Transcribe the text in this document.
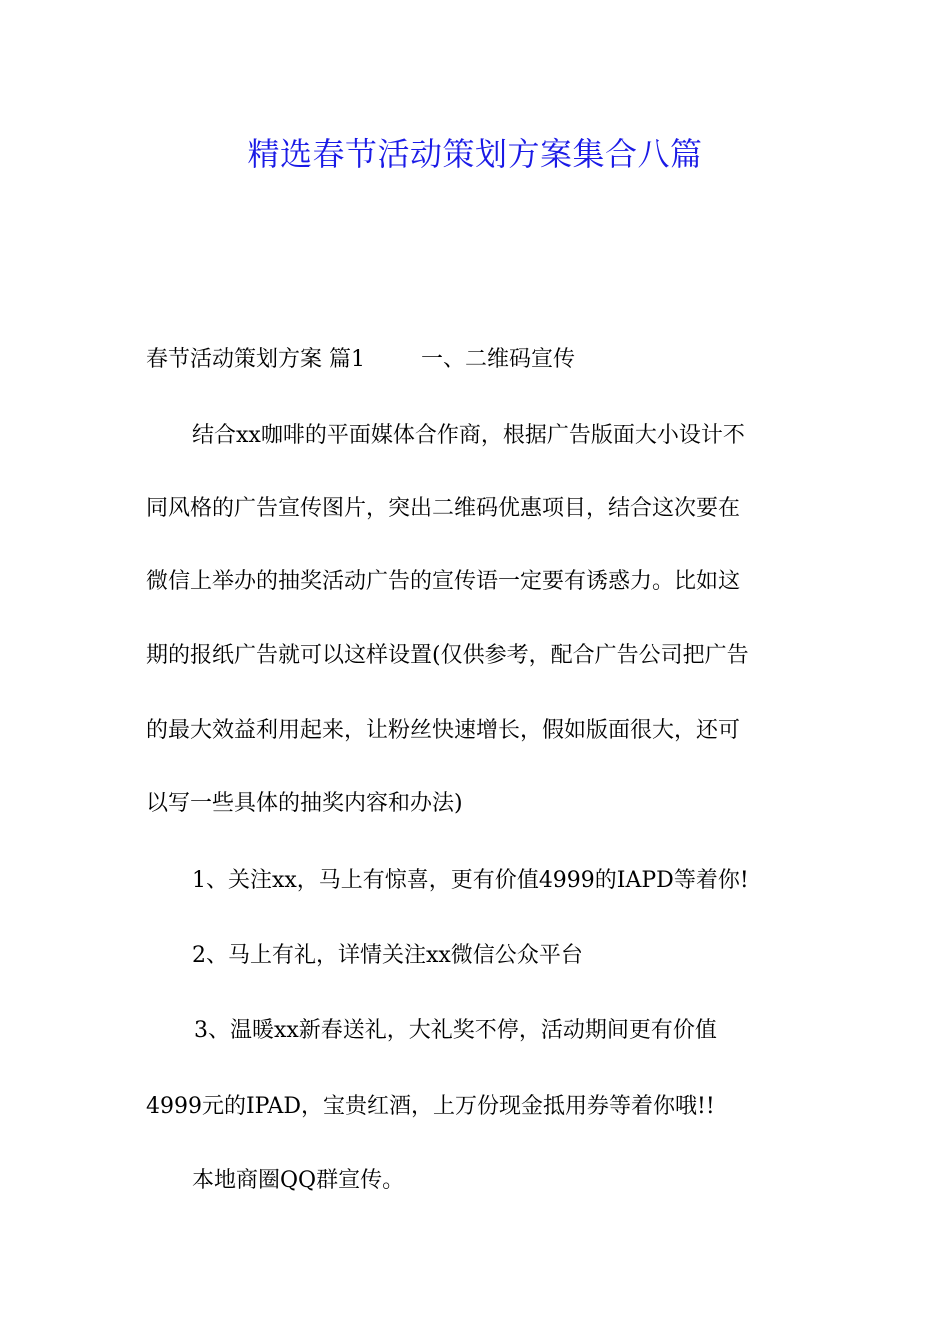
精选春节活动策划方案集合八篇
春节活动策划方案 篇1	一、二维码宣传
结合xx咖啡的平面媒体合作商，根据广告版面大小设计不
同风格的广告宣传图片，突出二维码优惠项目，结合这次要在
微信上举办的抽奖活动广告的宣传语一定要有诱惑力。比如这
期的报纸广告就可以这样设置(仅供参考，配合广告公司把广告
的最大效益利用起来，让粉丝快速增长，假如版面很大，还可
以写一些具体的抽奖内容和办法)
1、关注xx，马上有惊喜，更有价值4999的IAPD等着你!
2、马上有礼，详情关注xx微信公众平台
3、温暖xx新春送礼，大礼奖不停，活动期间更有价值
4999元的IPAD，宝贵红酒，上万份现金抵用券等着你哦!!
本地商圈QQ群宣传。
